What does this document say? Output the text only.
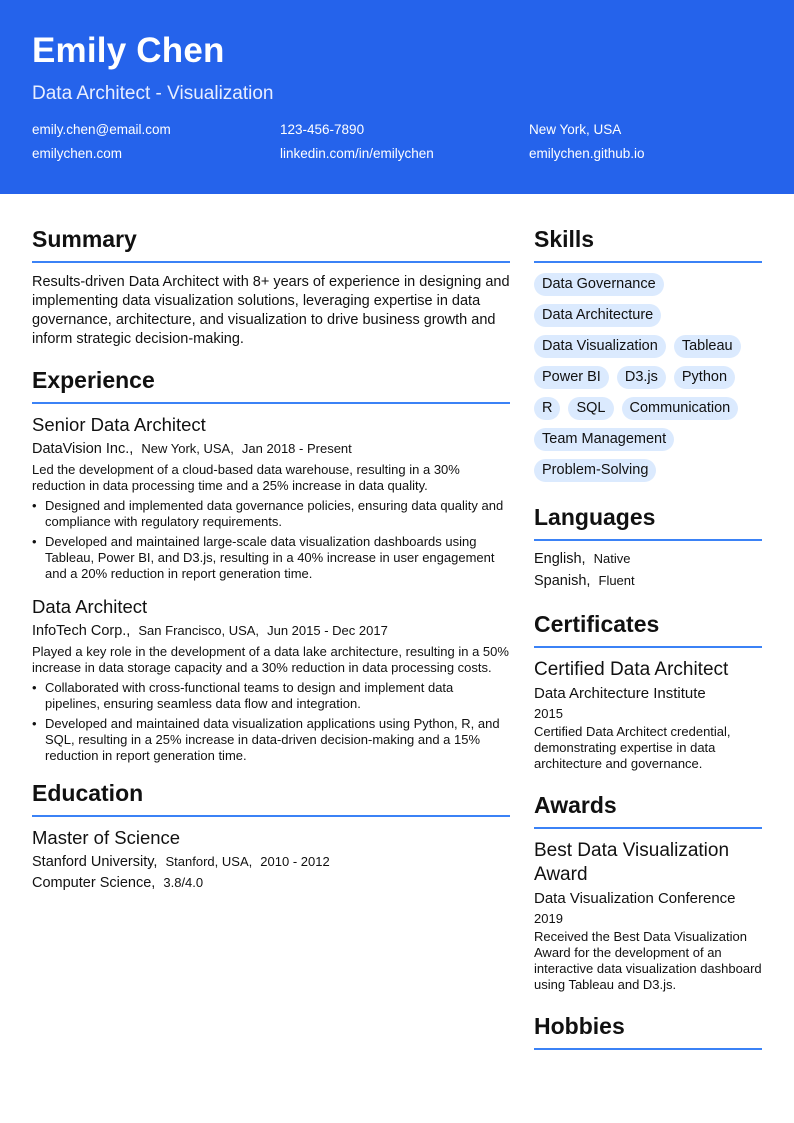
Emily Chen
Data Architect - Visualization
emily.chen@email.com	123-456-7890	New York, USA
emilychen.com	linkedin.com/in/emilychen	emilychen.github.io
Summary
Results-driven Data Architect with 8+ years of experience in designing and implementing data visualization solutions, leveraging expertise in data governance, architecture, and visualization to drive business growth and inform strategic decision-making.
Experience
Senior Data Architect
DataVision Inc., New York, USA, Jan 2018 - Present
Led the development of a cloud-based data warehouse, resulting in a 30% reduction in data processing time and a 25% increase in data quality.
• Designed and implemented data governance policies, ensuring data quality and compliance with regulatory requirements.
• Developed and maintained large-scale data visualization dashboards using Tableau, Power BI, and D3.js, resulting in a 40% increase in user engagement and a 20% reduction in report generation time.
Data Architect
InfoTech Corp., San Francisco, USA, Jun 2015 - Dec 2017
Played a key role in the development of a data lake architecture, resulting in a 50% increase in data storage capacity and a 30% reduction in data processing costs.
• Collaborated with cross-functional teams to design and implement data pipelines, ensuring seamless data flow and integration.
• Developed and maintained data visualization applications using Python, R, and SQL, resulting in a 25% increase in data-driven decision-making and a 15% reduction in report generation time.
Education
Master of Science
Stanford University, Stanford, USA, 2010 - 2012
Computer Science, 3.8/4.0
Skills
Data Governance
Data Architecture
Data Visualization	Tableau
Power BI	D3.js	Python
R	SQL	Communication
Team Management
Problem-Solving
Languages
English, Native
Spanish, Fluent
Certificates
Certified Data Architect
Data Architecture Institute
2015
Certified Data Architect credential, demonstrating expertise in data architecture and governance.
Awards
Best Data Visualization Award
Data Visualization Conference
2019
Received the Best Data Visualization Award for the development of an interactive data visualization dashboard using Tableau and D3.js.
Hobbies
